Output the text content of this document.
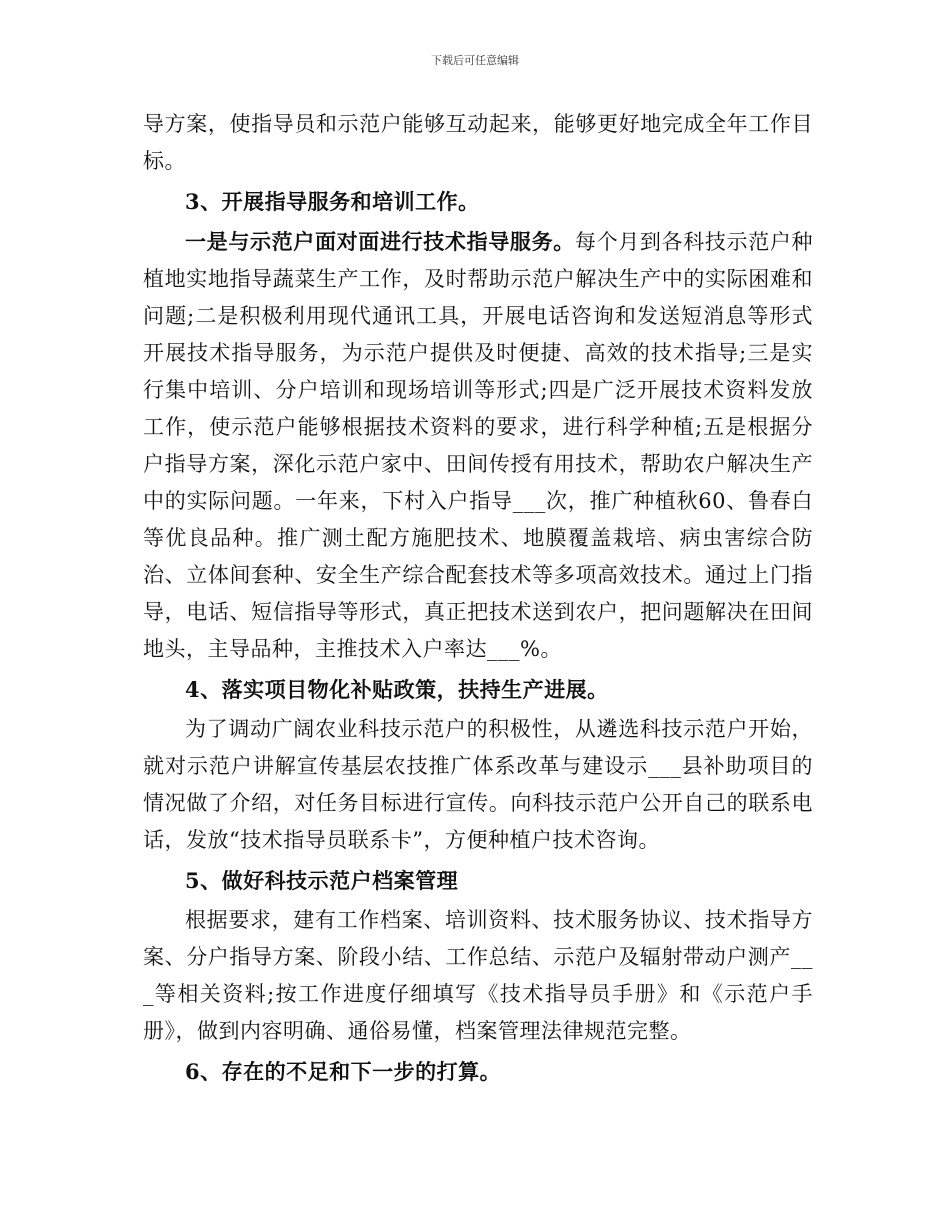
下载后可任意编辑

导方案，使指导员和示范户能够互动起来，能够更好地完成全年工作目标。

3、开展指导服务和培训工作。

一是与示范户面对面进行技术指导服务。每个月到各科技示范户种植地实地指导蔬菜生产工作，及时帮助示范户解决生产中的实际困难和问题;二是积极利用现代通讯工具，开展电话咨询和发送短消息等形式开展技术指导服务，为示范户提供及时便捷、高效的技术指导;三是实行集中培训、分户培训和现场培训等形式;四是广泛开展技术资料发放工作，使示范户能够根据技术资料的要求，进行科学种植;五是根据分户指导方案，深化示范户家中、田间传授有用技术，帮助农户解决生产中的实际问题。一年来，下村入户指导___次，推广种植秋60、鲁春白等优良品种。推广测土配方施肥技术、地膜覆盖栽培、病虫害综合防治、立体间套种、安全生产综合配套技术等多项高效技术。通过上门指导，电话、短信指导等形式，真正把技术送到农户，把问题解决在田间地头，主导品种，主推技术入户率达___%。

4、落实项目物化补贴政策，扶持生产进展。

为了调动广阔农业科技示范户的积极性，从遴选科技示范户开始，就对示范户讲解宣传基层农技推广体系改革与建设示___县补助项目的情况做了介绍，对任务目标进行宣传。向科技示范户公开自己的联系电话，发放“技术指导员联系卡”，方便种植户技术咨询。

5、做好科技示范户档案管理

根据要求，建有工作档案、培训资料、技术服务协议、技术指导方案、分户指导方案、阶段小结、工作总结、示范户及辐射带动户测产___等相关资料;按工作进度仔细填写《技术指导员手册》和《示范户手册》，做到内容明确、通俗易懂，档案管理法律规范完整。

6、存在的不足和下一步的打算。
